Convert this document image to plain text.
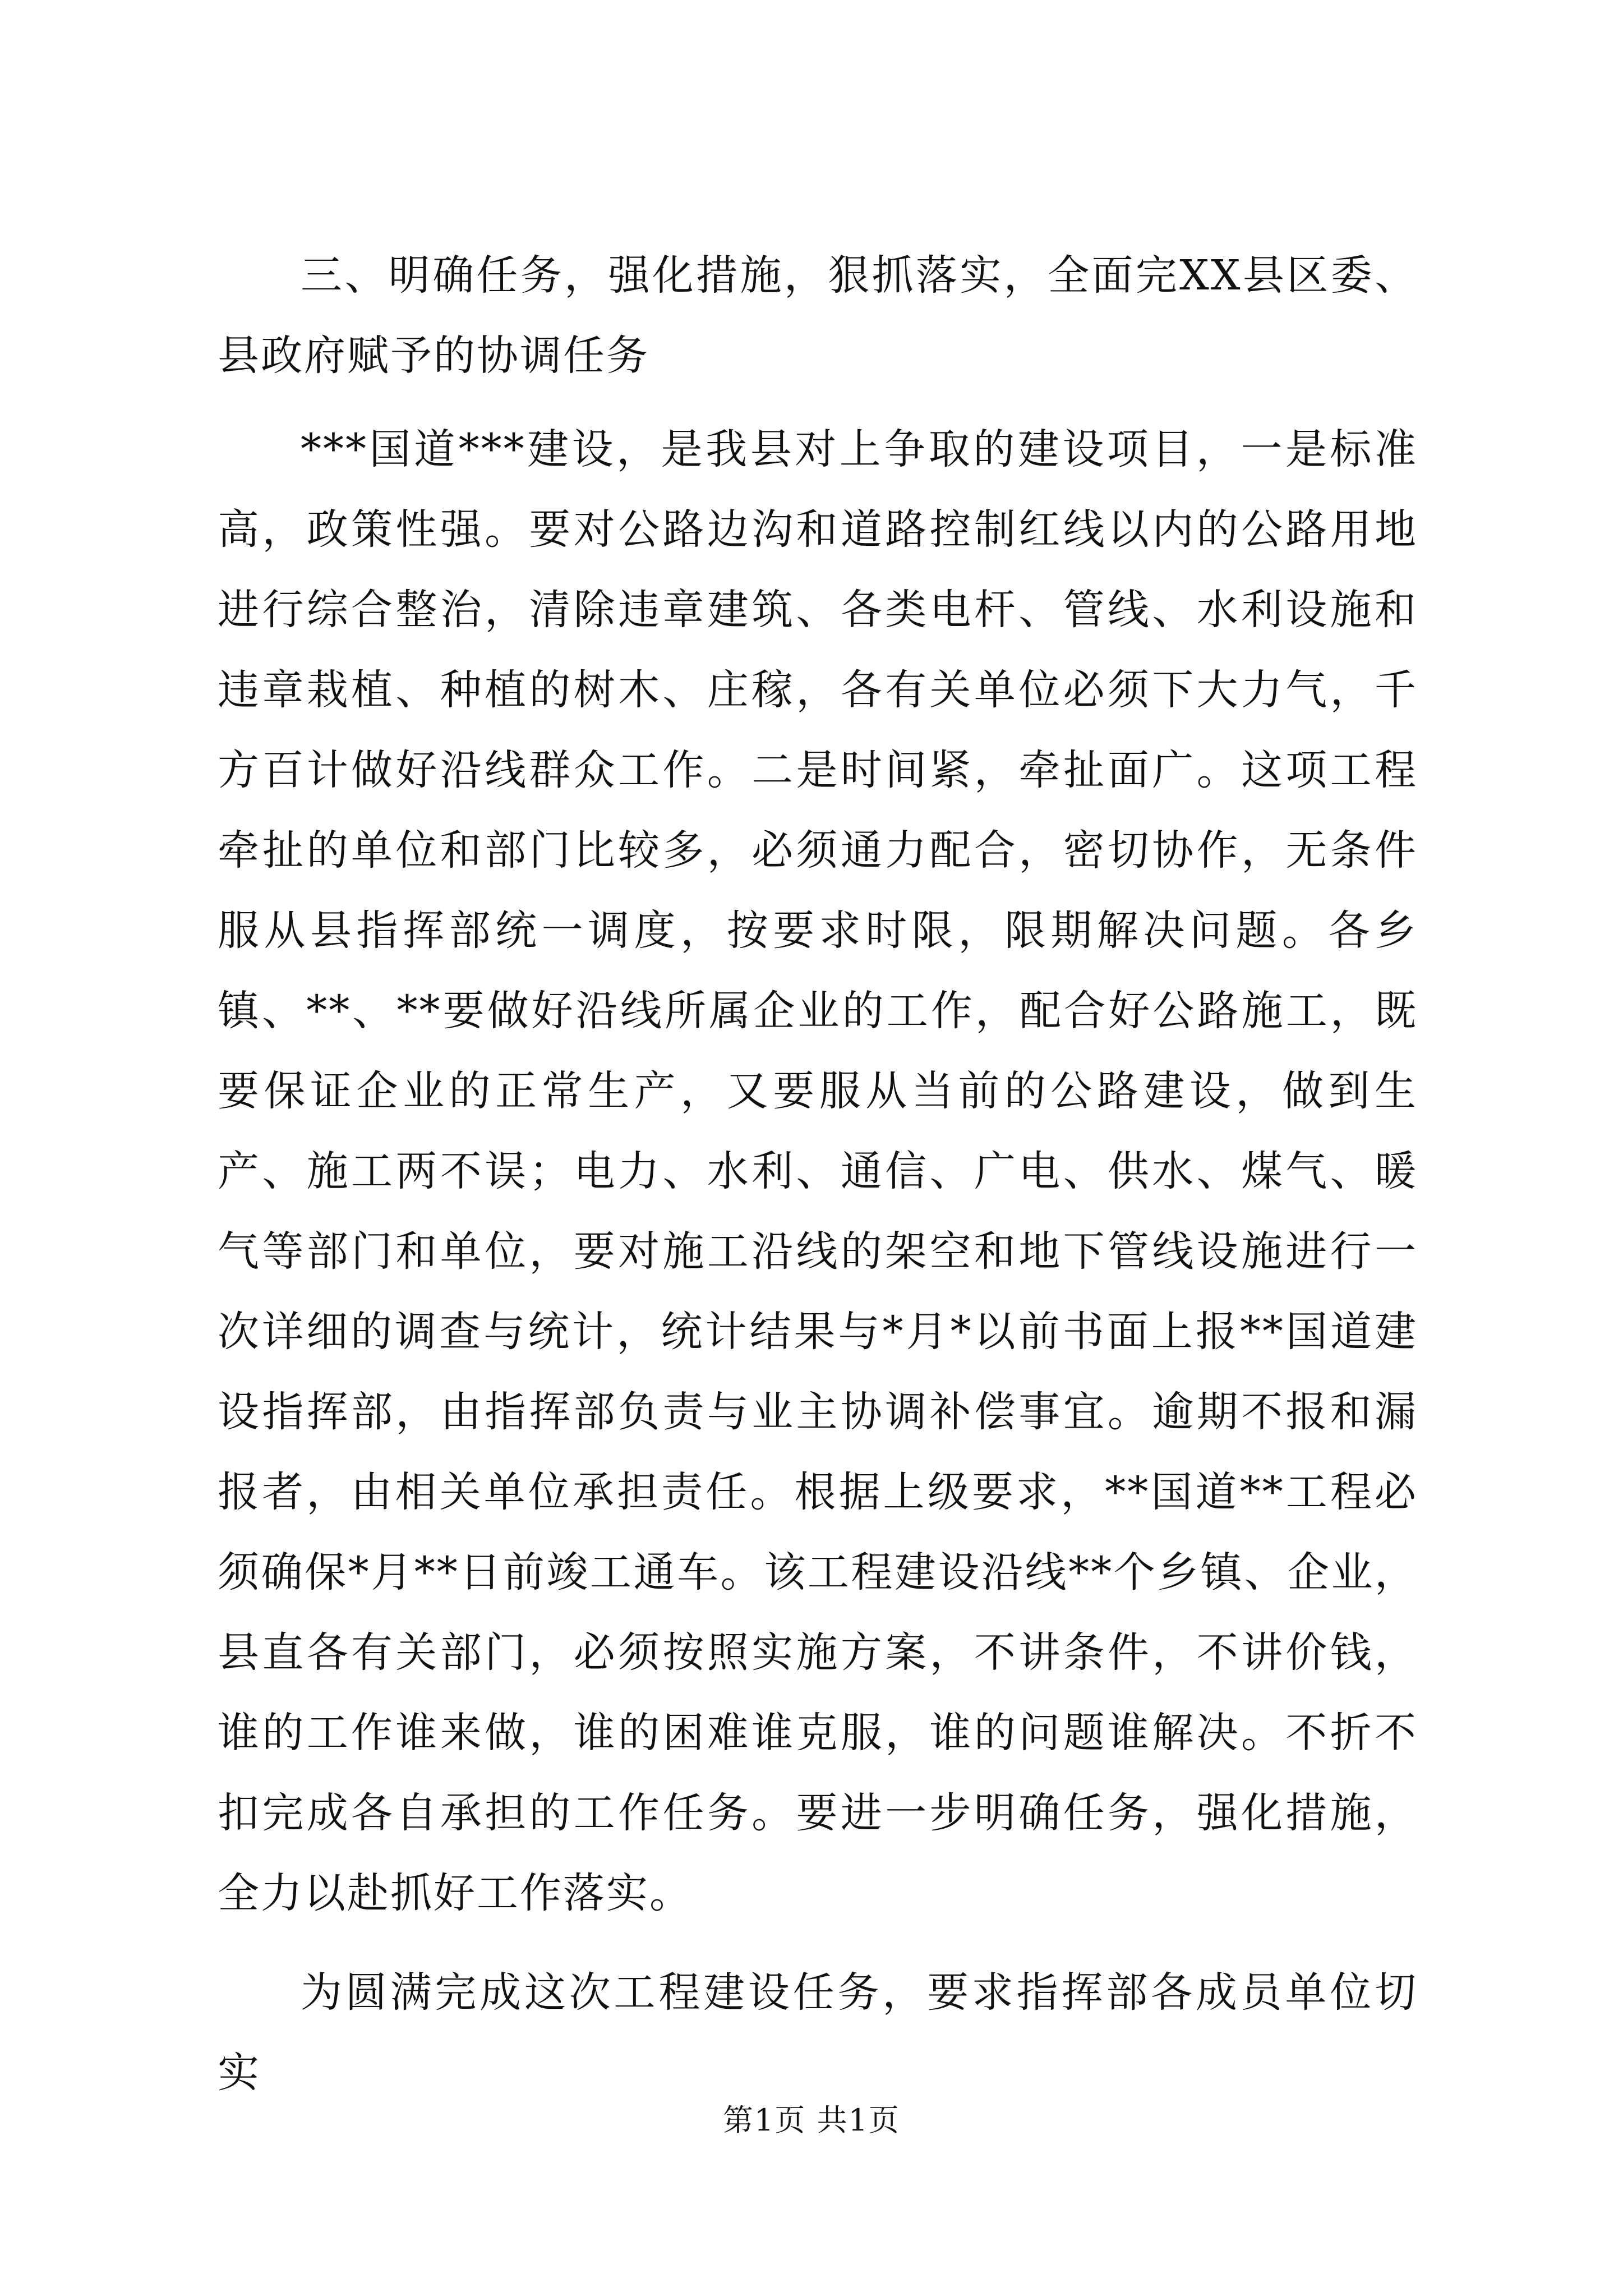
三、明确任务，强化措施，狠抓落实，全面完XX县区委、县政府赋予的协调任务

***国道***建设，是我县对上争取的建设项目，一是标准高，政策性强。要对公路边沟和道路控制红线以内的公路用地进行综合整治，清除违章建筑、各类电杆、管线、水利设施和违章栽植、种植的树木、庄稼，各有关单位必须下大力气，千方百计做好沿线群众工作。二是时间紧，牵扯面广。这项工程牵扯的单位和部门比较多，必须通力配合，密切协作，无条件服从县指挥部统一调度，按要求时限，限期解决问题。各乡镇、**、**要做好沿线所属企业的工作，配合好公路施工，既要保证企业的正常生产，又要服从当前的公路建设，做到生产、施工两不误；电力、水利、通信、广电、供水、煤气、暖气等部门和单位，要对施工沿线的架空和地下管线设施进行一次详细的调查与统计，统计结果与*月*以前书面上报**国道建设指挥部，由指挥部负责与业主协调补偿事宜。逾期不报和漏报者，由相关单位承担责任。根据上级要求，**国道**工程必须确保*月**日前竣工通车。该工程建设沿线**个乡镇、企业，县直各有关部门，必须按照实施方案，不讲条件，不讲价钱，谁的工作谁来做，谁的困难谁克服，谁的问题谁解决。不折不扣完成各自承担的工作任务。要进一步明确任务，强化措施，全力以赴抓好工作落实。

为圆满完成这次工程建设任务，要求指挥部各成员单位切实

第1页 共1页
